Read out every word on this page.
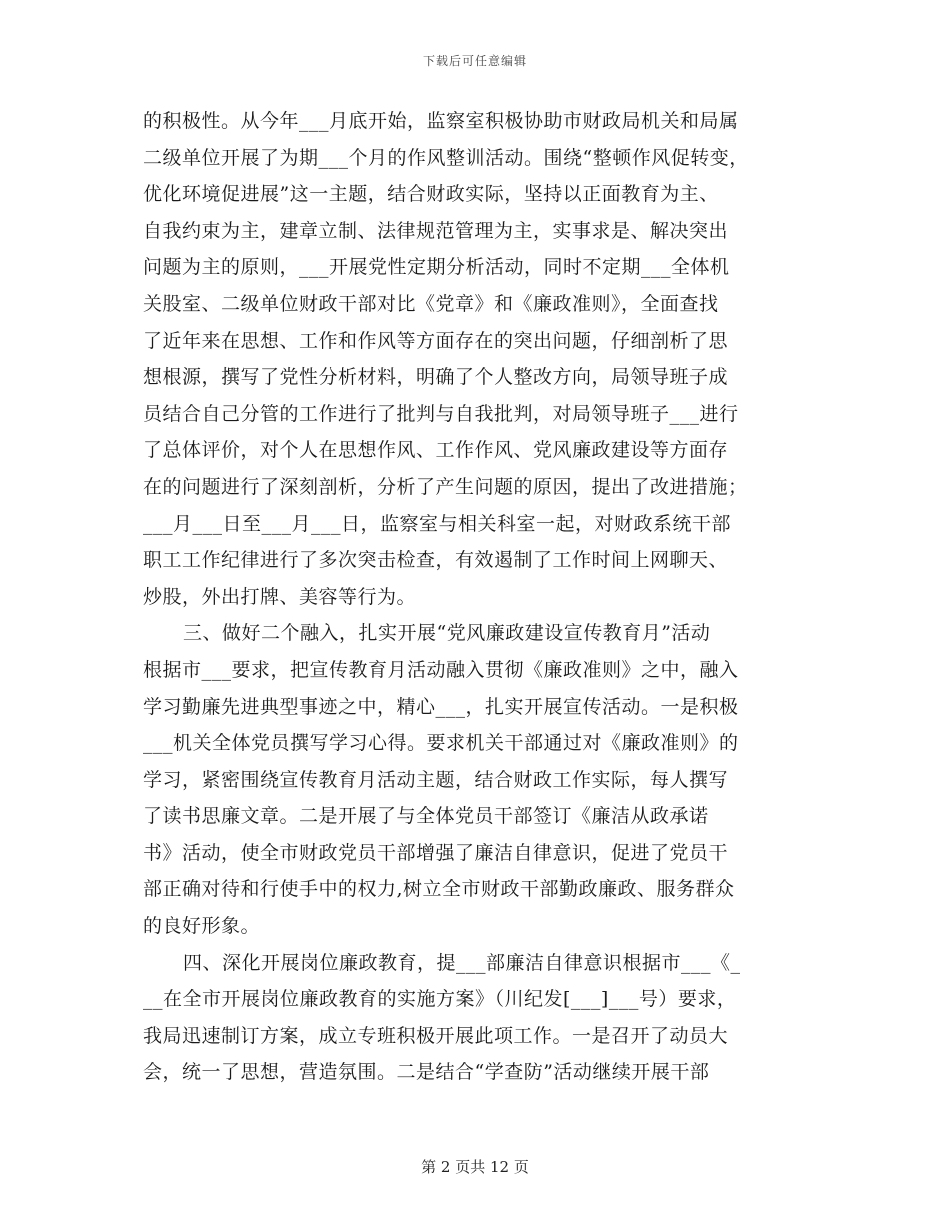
下载后可任意编辑
的积极性。从今年___月底开始，监察室积极协助市财政局机关和局属
二级单位开展了为期___个月的作风整训活动。围绕“整顿作风促转变，
优化环境促进展”这一主题，结合财政实际，坚持以正面教育为主、
自我约束为主，建章立制、法律规范管理为主，实事求是、解决突出
问题为主的原则，___开展党性定期分析活动，同时不定期___全体机
关股室、二级单位财政干部对比《党章》和《廉政准则》，全面查找
了近年来在思想、工作和作风等方面存在的突出问题，仔细剖析了思
想根源，撰写了党性分析材料，明确了个人整改方向，局领导班子成
员结合自己分管的工作进行了批判与自我批判，对局领导班子___进行
了总体评价，对个人在思想作风、工作作风、党风廉政建设等方面存
在的问题进行了深刻剖析，分析了产生问题的原因，提出了改进措施；
___月___日至___月___日，监察室与相关科室一起，对财政系统干部
职工工作纪律进行了多次突击检查，有效遏制了工作时间上网聊天、
炒股，外出打牌、美容等行为。
三、做好二个融入，扎实开展“党风廉政建设宣传教育月”活动
根据市___要求，把宣传教育月活动融入贯彻《廉政准则》之中，融入
学习勤廉先进典型事迹之中，精心___，扎实开展宣传活动。一是积极
___机关全体党员撰写学习心得。要求机关干部通过对《廉政准则》的
学习，紧密围绕宣传教育月活动主题，结合财政工作实际，每人撰写
了读书思廉文章。二是开展了与全体党员干部签订《廉洁从政承诺
书》活动，使全市财政党员干部增强了廉洁自律意识，促进了党员干
部正确对待和行使手中的权力,树立全市财政干部勤政廉政、服务群众
的良好形象。
四、深化开展岗位廉政教育，提___部廉洁自律意识根据市___《_
__在全市开展岗位廉政教育的实施方案》（川纪发[___]___号）要求，
我局迅速制订方案，成立专班积极开展此项工作。一是召开了动员大
会，统一了思想，营造氛围。二是结合“学查防”活动继续开展干部
第 2 页共 12 页
